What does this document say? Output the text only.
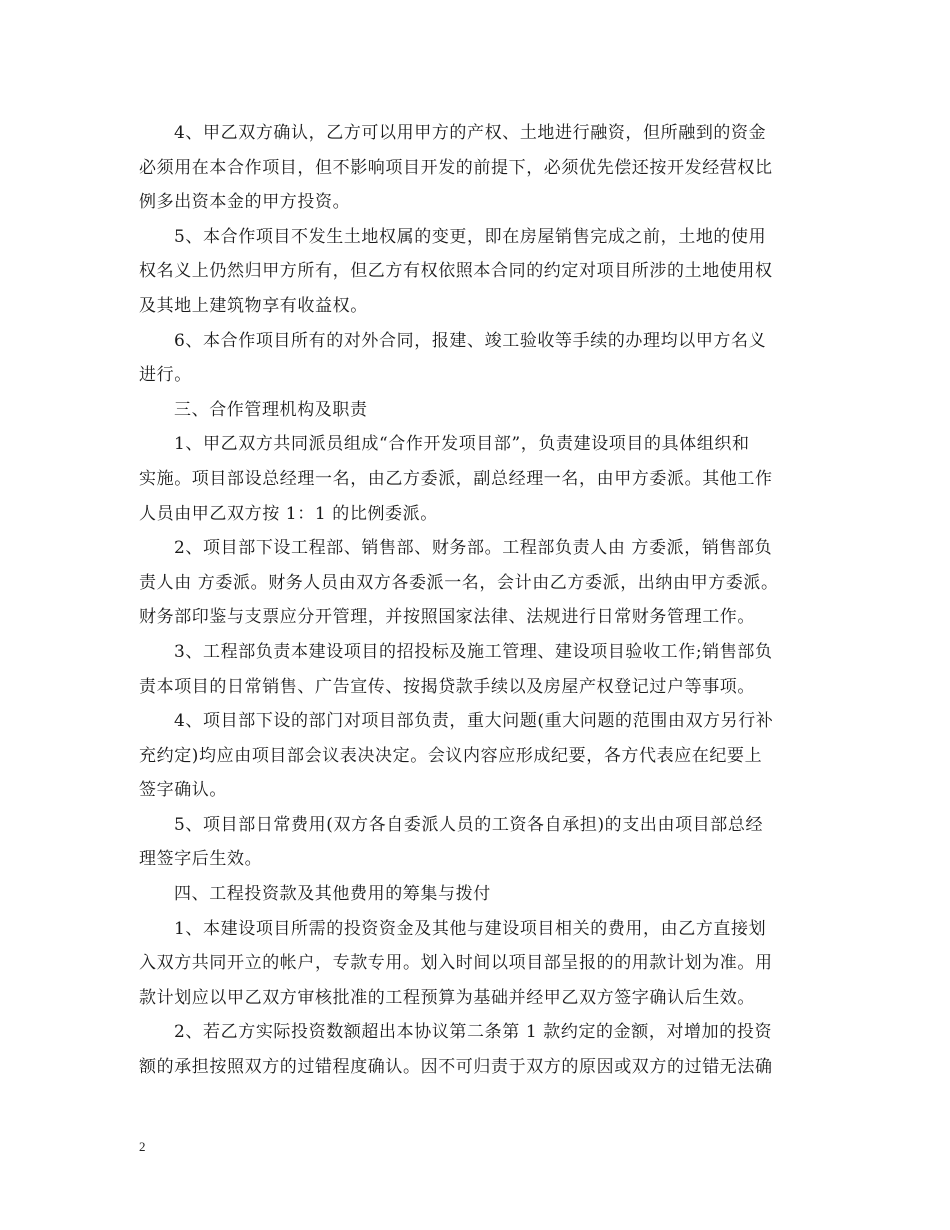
4、甲乙双方确认，乙方可以用甲方的产权、土地进行融资，但所融到的资金
必须用在本合作项目，但不影响项目开发的前提下，必须优先偿还按开发经营权比
例多出资本金的甲方投资。
5、本合作项目不发生土地权属的变更，即在房屋销售完成之前，土地的使用
权名义上仍然归甲方所有，但乙方有权依照本合同的约定对项目所涉的土地使用权
及其地上建筑物享有收益权。
6、本合作项目所有的对外合同，报建、竣工验收等手续的办理均以甲方名义
进行。
三、合作管理机构及职责
1、甲乙双方共同派员组成“合作开发项目部”，负责建设项目的具体组织和
实施。项目部设总经理一名，由乙方委派，副总经理一名，由甲方委派。其他工作
人员由甲乙双方按 1：1 的比例委派。
2、项目部下设工程部、销售部、财务部。工程部负责人由 方委派，销售部负
责人由 方委派。财务人员由双方各委派一名，会计由乙方委派，出纳由甲方委派。
财务部印鉴与支票应分开管理，并按照国家法律、法规进行日常财务管理工作。
3、工程部负责本建设项目的招投标及施工管理、建设项目验收工作;销售部负
责本项目的日常销售、广告宣传、按揭贷款手续以及房屋产权登记过户等事项。
4、项目部下设的部门对项目部负责，重大问题(重大问题的范围由双方另行补
充约定)均应由项目部会议表决决定。会议内容应形成纪要，各方代表应在纪要上
签字确认。
5、项目部日常费用(双方各自委派人员的工资各自承担)的支出由项目部总经
理签字后生效。
四、工程投资款及其他费用的筹集与拨付
1、本建设项目所需的投资资金及其他与建设项目相关的费用，由乙方直接划
入双方共同开立的帐户，专款专用。划入时间以项目部呈报的的用款计划为准。用
款计划应以甲乙双方审核批准的工程预算为基础并经甲乙双方签字确认后生效。
2、若乙方实际投资数额超出本协议第二条第 1 款约定的金额，对增加的投资
额的承担按照双方的过错程度确认。因不可归责于双方的原因或双方的过错无法确
2
